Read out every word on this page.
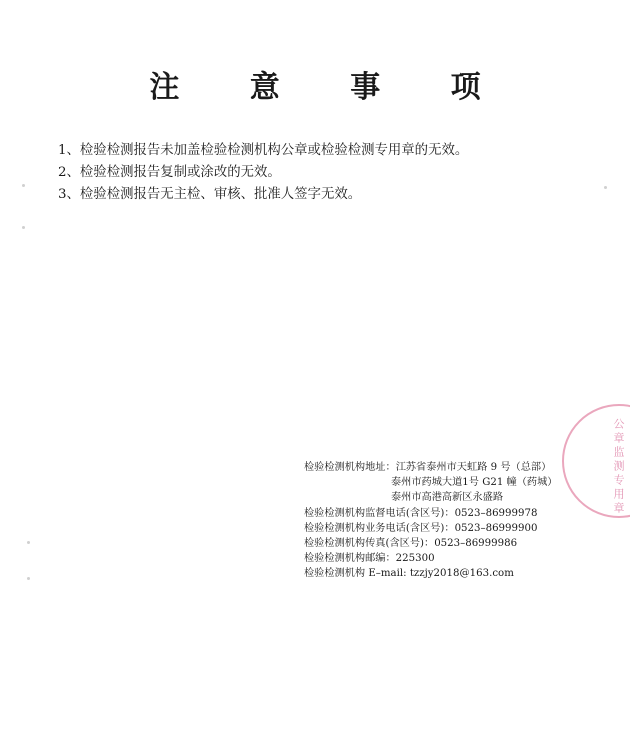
注 意 事 项
1、检验检测报告未加盖检验检测机构公章或检验检测专用章的无效。
2、检验检测报告复制或涂改的无效。
3、检验检测报告无主检、审核、批准人签字无效。
检验检测机构地址：江苏省泰州市天虹路 9 号（总部）
泰州市药城大道1号 G21 幢（药城）
泰州市高港高新区永盛路
检验检测机构监督电话(含区号)：0523–86999978
检验检测机构业务电话(含区号)：0523–86999900
检验检测机构传真(含区号)：0523–86999986
检验检测机构邮编：225300
检验检测机构 E–mail: tzzjy2018@163.com
公章监测专用章
